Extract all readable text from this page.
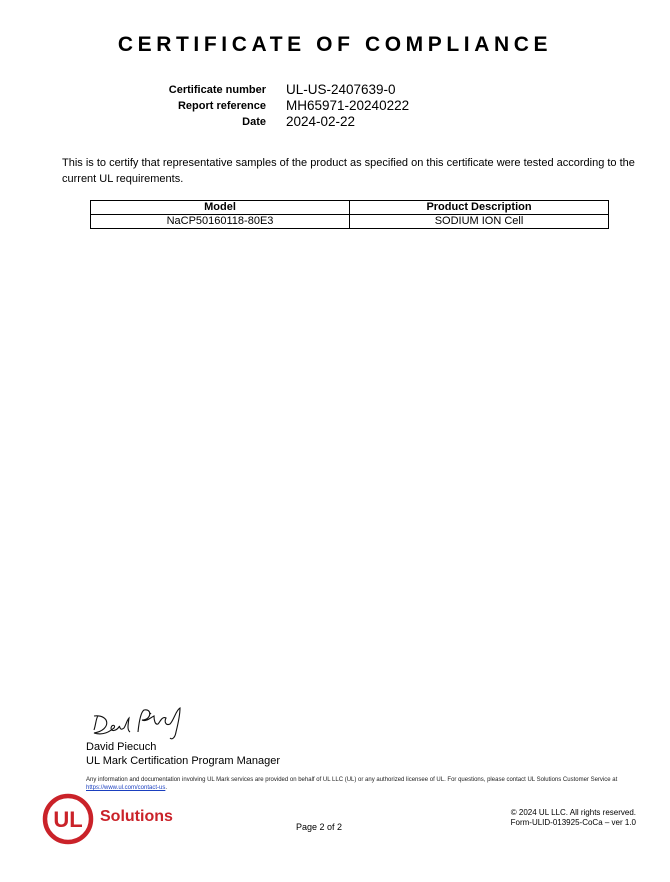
CERTIFICATE OF COMPLIANCE
Certificate number UL-US-2407639-0
Report reference MH65971-20240222
Date 2024-02-22
This is to certify that representative samples of the product as specified on this certificate were tested according to the current UL requirements.
Model	Product Description
NaCP50160118-80E3	SODIUM ION Cell
David Piecuch
UL Mark Certification Program Manager
Any information and documentation involving UL Mark services are provided on behalf of UL LLC (UL) or any authorized licensee of UL. For questions, please contact UL Solutions Customer Service at https://www.ul.com/contact-us.
UL Solutions
Page 2 of 2
© 2024 UL LLC. All rights reserved.
Form-ULID-013925-CoCa – ver 1.0
